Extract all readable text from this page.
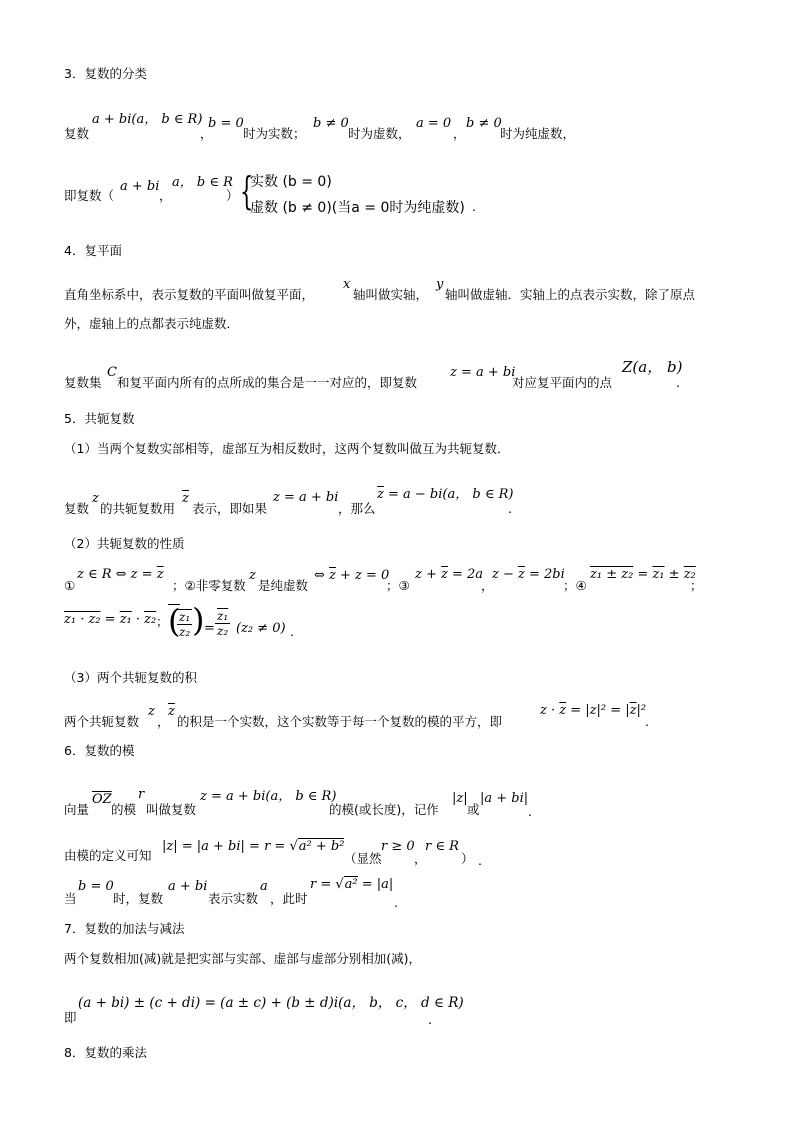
3．复数的分类
复数
a + bi(a， b ∈ R)
，
b = 0
时为实数；
b ≠ 0
时为虚数，
a = 0
，
b ≠ 0
时为纯虚数，
即复数（
a + bi
，
a， b ∈ R
） {
实数 (b = 0)
虚数 (b ≠ 0)(当a = 0时为纯虚数) .
4．复平面
直角坐标系中，表示复数的平面叫做复平面，
x
轴叫做实轴，
y
轴叫做虚轴．实轴上的点表示实数，除了原点
外，虚轴上的点都表示纯虚数．
复数集
C
和复平面内所有的点所成的集合是一一对应的，即复数
z = a + bi
对应复平面内的点
Z(a， b)
.
5．共轭复数
（1）当两个复数实部相等，虚部互为相反数时，这两个复数叫做互为共轭复数．
复数
z
的共轭复数用
$\overline{z}$
表示，即如果
z = a + bi
，那么
$\overline{z} = a - bi(a$， b ∈ R)
.
（2）共轭复数的性质
①
z ∈ R ⇔ $z = \overline{z}$
；②非零复数
z
是纯虚数
⇔ $\overline{z} + z = 0$
；③
$z + \overline{z} = 2a$
，
$z - \overline{z} = 2bi$
；④
z₁ ± z₂ = z₁ ± z₂
；
z₁ · z₂ = z₁ · z₂ ； (
$\frac{\text{z₁}}{\text{z₂}}$ ) = $\frac{\text{z₁}}{\text{z₂}} (z_2 \ne 0)$ .
（3）两个共轭复数的积
两个共轭复数
z
，
$\overline{z}$
的积是一个实数，这个实数等于每一个复数的模的平方，即
$z \cdot \overline{z} = |z|^2 = |\overline{z}|^2$
.
6．复数的模
向量
$\overline{OZ}$
的模
r
叫做复数
z = a + bi(a， b ∈ R)
的模(或长度)，记作
|z|
或
|a + bi|
.
由模的定义可知
|z| = |a + bi| = r = √a² + b²
（显然
r ≥ 0
，
r ∈ R
） .
当
b = 0
时，复数
a + bi
表示实数
a
，此时
r = √a² = |a|
.
7．复数的加法与减法
两个复数相加(减)就是把实部与实部、虚部与虚部分别相加(减)，
即
(a + bi) ± (c + di) = (a ± c) + (b ± d)i(a， b， c， d ∈ R)
.
8．复数的乘法
